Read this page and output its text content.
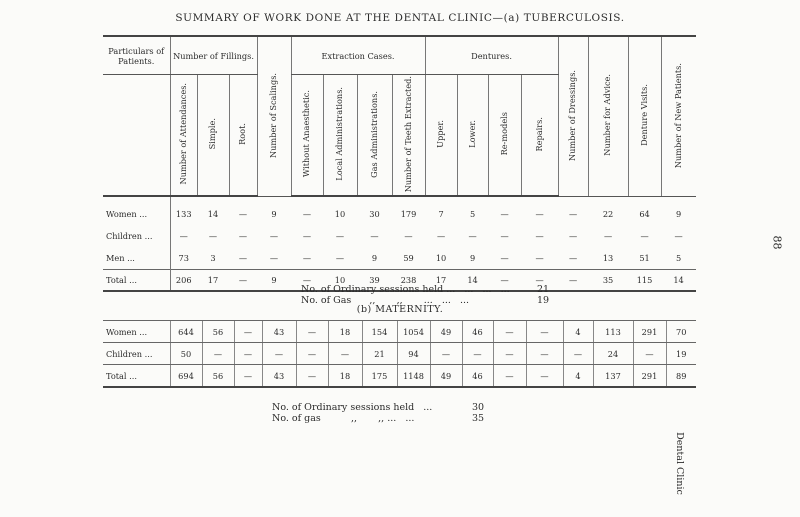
SUMMARY OF WORK DONE AT THE DENTAL CLINIC—(a) TUBERCULOSIS.
88
Dental Clinic
Particulars of Patients.	Number of Fillings.			Number of Scalings.	Extraction Cases.				Dentures.				Number of Dressings.	Number for Advice.	Denture Visits.	Number of New Patients.
	Number of Attendances.	Simple.	Root.		Without Anaesthetic.	Local Administrations.	Gas Administrations.	Number of Teeth Extracted.	Upper.	Lower.	Re-models	Repairs.				
Women ...	133	14	—	9	—	10	30	179	7	5	—	—	—	22	64	9
Children ...	—	—	—	—	—	—	—	—	—	—	—	—	—	—	—	—
Men ...	73	3	—	—	—	—	9	59	10	9	—	—	—	13	51	5
Total ...	206	17	—	9	—	10	39	238	17	14	—	—	—	35	115	14
No. of Ordinary sessions held ...   ...   ...   ...	21
No. of Gas      ,,       ,,       ...   ...   ...	19
(b) MATERNITY.
Women ...	644	56	—	43	—	18	154	1054	49	46	—	—	4	113	291	70
Children ...	50	—	—	—	—	—	21	94	—	—	—	—	—	24	—	19
Total ...	694	56	—	43	—	18	175	1148	49	46	—	—	4	137	291	89
No. of Ordinary sessions held   ...	30
No. of gas          ,,       ,, ...   ...	35
